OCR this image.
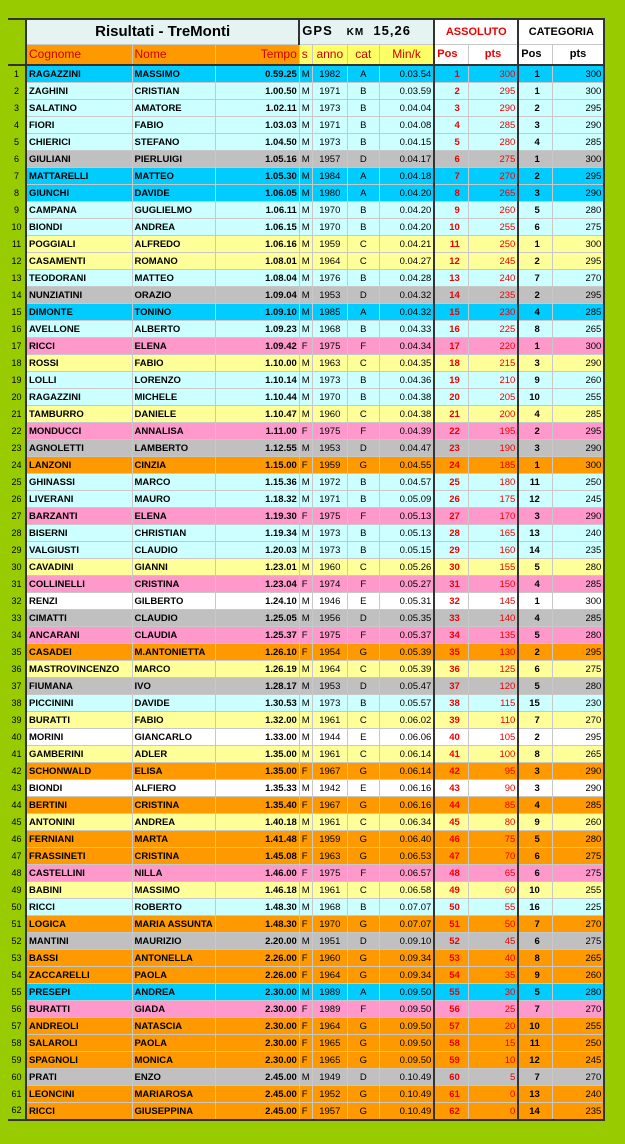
	Risultati - TreMonti			GPS KM 15,26				ASSOLUTO		CATEGORIA	
	Cognome	Nome	Tempo	s	anno	cat	Min/k	Pos	pts	Pos	pts
1	RAGAZZINI	MASSIMO	0.59.25	M	1982	A	0.03.54	1	300	1	300
2	ZAGHINI	CRISTIAN	1.00.50	M	1971	B	0.03.59	2	295	1	300
3	SALATINO	AMATORE	1.02.11	M	1973	B	0.04.04	3	290	2	295
4	FIORI	FABIO	1.03.03	M	1971	B	0.04.08	4	285	3	290
5	CHIERICI	STEFANO	1.04.50	M	1973	B	0.04.15	5	280	4	285
6	GIULIANI	PIERLUIGI	1.05.16	M	1957	D	0.04.17	6	275	1	300
7	MATTARELLI	MATTEO	1.05.30	M	1984	A	0.04.18	7	270	2	295
8	GIUNCHI	DAVIDE	1.06.05	M	1980	A	0.04.20	8	265	3	290
9	CAMPANA	GUGLIELMO	1.06.11	M	1970	B	0.04.20	9	260	5	280
10	BIONDI	ANDREA	1.06.15	M	1970	B	0.04.20	10	255	6	275
11	POGGIALI	ALFREDO	1.06.16	M	1959	C	0.04.21	11	250	1	300
12	CASAMENTI	ROMANO	1.08.01	M	1964	C	0.04.27	12	245	2	295
13	TEODORANI	MATTEO	1.08.04	M	1976	B	0.04.28	13	240	7	270
14	NUNZIATINI	ORAZIO	1.09.04	M	1953	D	0.04.32	14	235	2	295
15	DIMONTE	TONINO	1.09.10	M	1985	A	0.04.32	15	230	4	285
16	AVELLONE	ALBERTO	1.09.23	M	1968	B	0.04.33	16	225	8	265
17	RICCI	ELENA	1.09.42	F	1975	F	0.04.34	17	220	1	300
18	ROSSI	FABIO	1.10.00	M	1963	C	0.04.35	18	215	3	290
19	LOLLI	LORENZO	1.10.14	M	1973	B	0.04.36	19	210	9	260
20	RAGAZZINI	MICHELE	1.10.44	M	1970	B	0.04.38	20	205	10	255
21	TAMBURRO	DANIELE	1.10.47	M	1960	C	0.04.38	21	200	4	285
22	MONDUCCI	ANNALISA	1.11.00	F	1975	F	0.04.39	22	195	2	295
23	AGNOLETTI	LAMBERTO	1.12.55	M	1953	D	0.04.47	23	190	3	290
24	LANZONI	CINZIA	1.15.00	F	1959	G	0.04.55	24	185	1	300
25	GHINASSI	MARCO	1.15.36	M	1972	B	0.04.57	25	180	11	250
26	LIVERANI	MAURO	1.18.32	M	1971	B	0.05.09	26	175	12	245
27	BARZANTI	ELENA	1.19.30	F	1975	F	0.05.13	27	170	3	290
28	BISERNI	CHRISTIAN	1.19.34	M	1973	B	0.05.13	28	165	13	240
29	VALGIUSTI	CLAUDIO	1.20.03	M	1973	B	0.05.15	29	160	14	235
30	CAVADINI	GIANNI	1.23.01	M	1960	C	0.05.26	30	155	5	280
31	COLLINELLI	CRISTINA	1.23.04	F	1974	F	0.05.27	31	150	4	285
32	RENZI	GILBERTO	1.24.10	M	1946	E	0.05.31	32	145	1	300
33	CIMATTI	CLAUDIO	1.25.05	M	1956	D	0.05.35	33	140	4	285
34	ANCARANI	CLAUDIA	1.25.37	F	1975	F	0.05.37	34	135	5	280
35	CASADEI	M.ANTONIETTA	1.26.10	F	1954	G	0.05.39	35	130	2	295
36	MASTROVINCENZO	MARCO	1.26.19	M	1964	C	0.05.39	36	125	6	275
37	FIUMANA	IVO	1.28.17	M	1953	D	0.05.47	37	120	5	280
38	PICCININI	DAVIDE	1.30.53	M	1973	B	0.05.57	38	115	15	230
39	BURATTI	FABIO	1.32.00	M	1961	C	0.06.02	39	110	7	270
40	MORINI	GIANCARLO	1.33.00	M	1944	E	0.06.06	40	105	2	295
41	GAMBERINI	ADLER	1.35.00	M	1961	C	0.06.14	41	100	8	265
42	SCHONWALD	ELISA	1.35.00	F	1967	G	0.06.14	42	95	3	290
43	BIONDI	ALFIERO	1.35.33	M	1942	E	0.06.16	43	90	3	290
44	BERTINI	CRISTINA	1.35.40	F	1967	G	0.06.16	44	85	4	285
45	ANTONINI	ANDREA	1.40.18	M	1961	C	0.06.34	45	80	9	260
46	FERNIANI	MARTA	1.41.48	F	1959	G	0.06.40	46	75	5	280
47	FRASSINETI	CRISTINA	1.45.08	F	1963	G	0.06.53	47	70	6	275
48	CASTELLINI	NILLA	1.46.00	F	1975	F	0.06.57	48	65	6	275
49	BABINI	MASSIMO	1.46.18	M	1961	C	0.06.58	49	60	10	255
50	RICCI	ROBERTO	1.48.30	M	1968	B	0.07.07	50	55	16	225
51	LOGICA	MARIA ASSUNTA	1.48.30	F	1970	G	0.07.07	51	50	7	270
52	MANTINI	MAURIZIO	2.20.00	M	1951	D	0.09.10	52	45	6	275
53	BASSI	ANTONELLA	2.26.00	F	1960	G	0.09.34	53	40	8	265
54	ZACCARELLI	PAOLA	2.26.00	F	1964	G	0.09.34	54	35	9	260
55	PRESEPI	ANDREA	2.30.00	M	1989	A	0.09.50	55	30	5	280
56	BURATTI	GIADA	2.30.00	F	1989	F	0.09.50	56	25	7	270
57	ANDREOLI	NATASCIA	2.30.00	F	1964	G	0.09.50	57	20	10	255
58	SALAROLI	PAOLA	2.30.00	F	1965	G	0.09.50	58	15	11	250
59	SPAGNOLI	MONICA	2.30.00	F	1965	G	0.09.50	59	10	12	245
60	PRATI	ENZO	2.45.00	M	1949	D	0.10.49	60	5	7	270
61	LEONCINI	MARIAROSA	2.45.00	F	1952	G	0.10.49	61	0	13	240
62	RICCI	GIUSEPPINA	2.45.00	F	1957	G	0.10.49	62	0	14	235
